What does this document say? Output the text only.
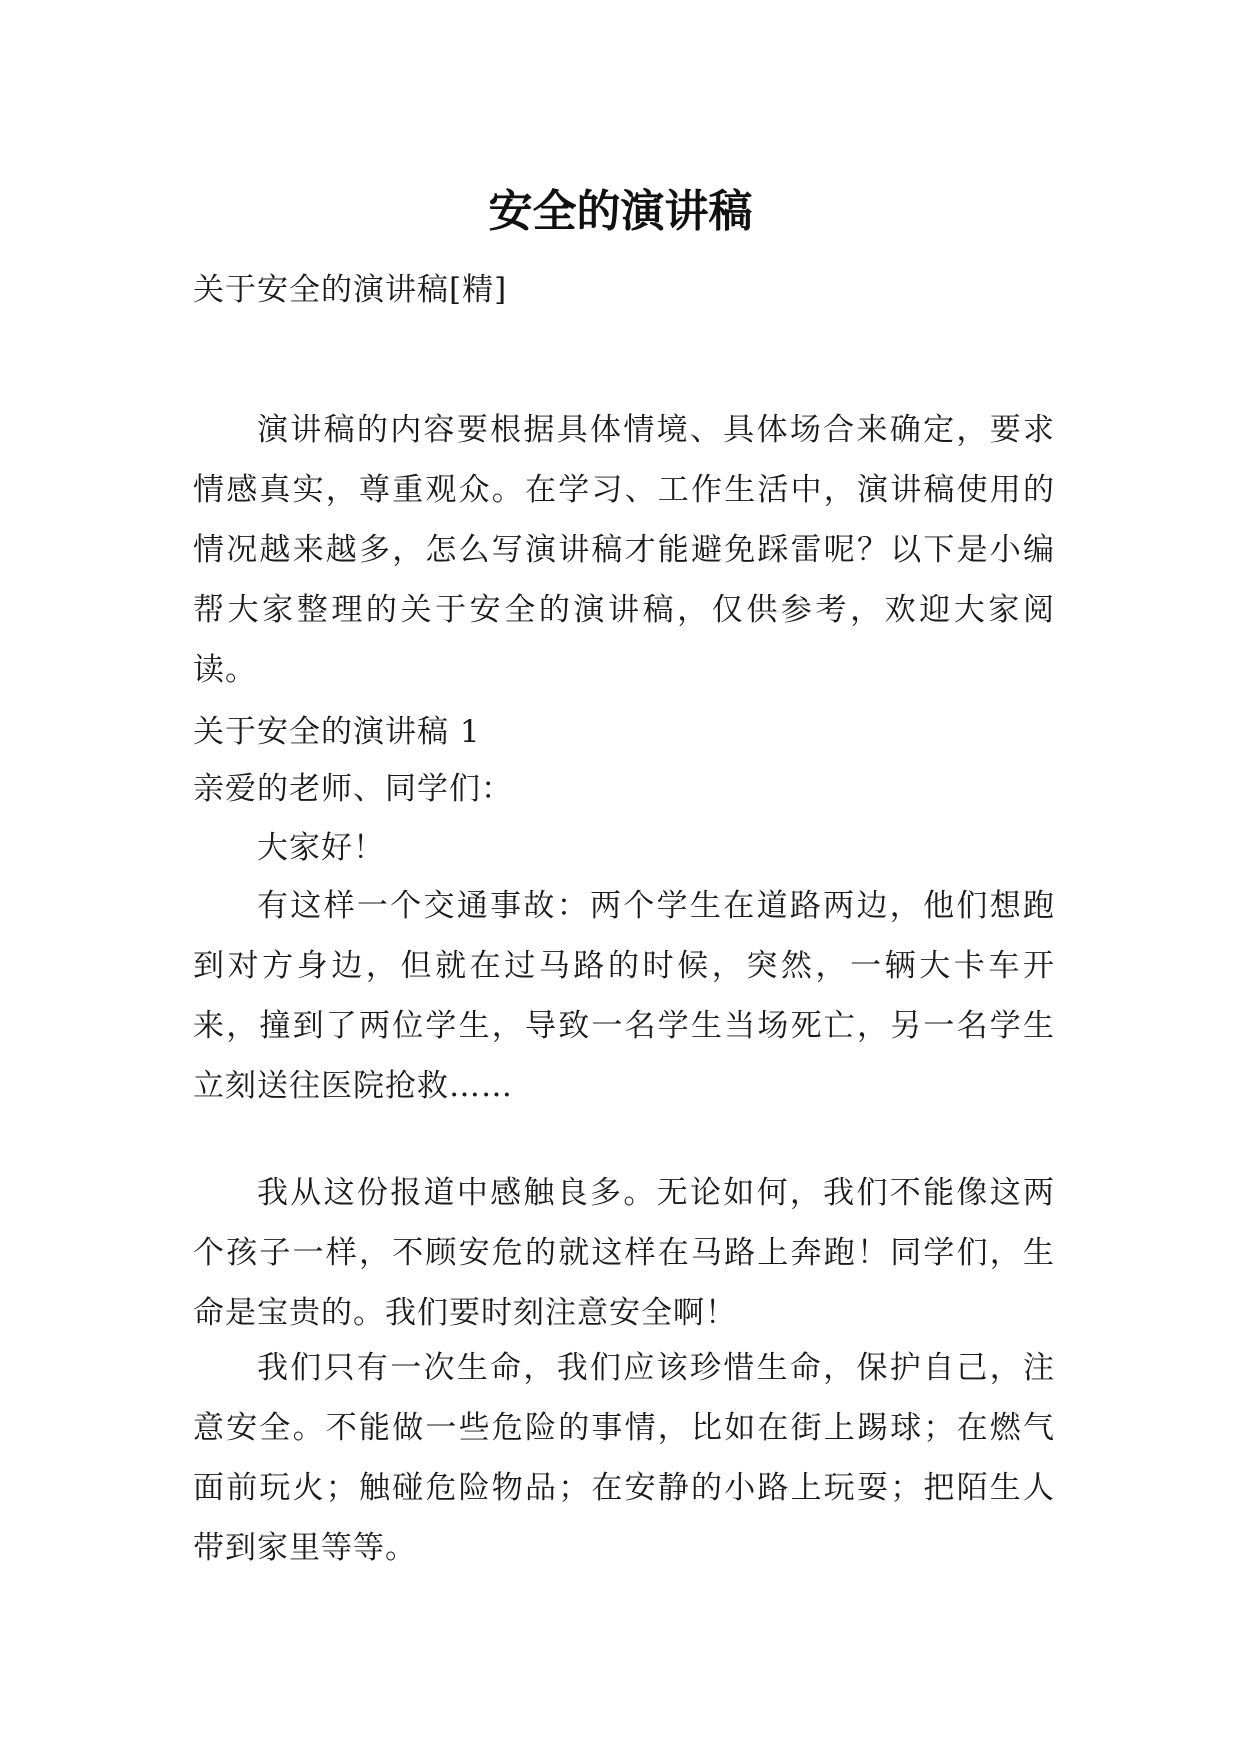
安全的演讲稿

关于安全的演讲稿[精]

演讲稿的内容要根据具体情境、具体场合来确定，要求情感真实，尊重观众。在学习、工作生活中，演讲稿使用的情况越来越多，怎么写演讲稿才能避免踩雷呢？以下是小编帮大家整理的关于安全的演讲稿，仅供参考，欢迎大家阅读。

关于安全的演讲稿 1

亲爱的老师、同学们：

大家好！

有这样一个交通事故：两个学生在道路两边，他们想跑到对方身边，但就在过马路的时候，突然，一辆大卡车开来，撞到了两位学生，导致一名学生当场死亡，另一名学生立刻送往医院抢救……

我从这份报道中感触良多。无论如何，我们不能像这两个孩子一样，不顾安危的就这样在马路上奔跑！同学们，生命是宝贵的。我们要时刻注意安全啊！

我们只有一次生命，我们应该珍惜生命，保护自己，注意安全。不能做一些危险的事情，比如在街上踢球；在燃气面前玩火；触碰危险物品；在安静的小路上玩耍；把陌生人带到家里等等。
